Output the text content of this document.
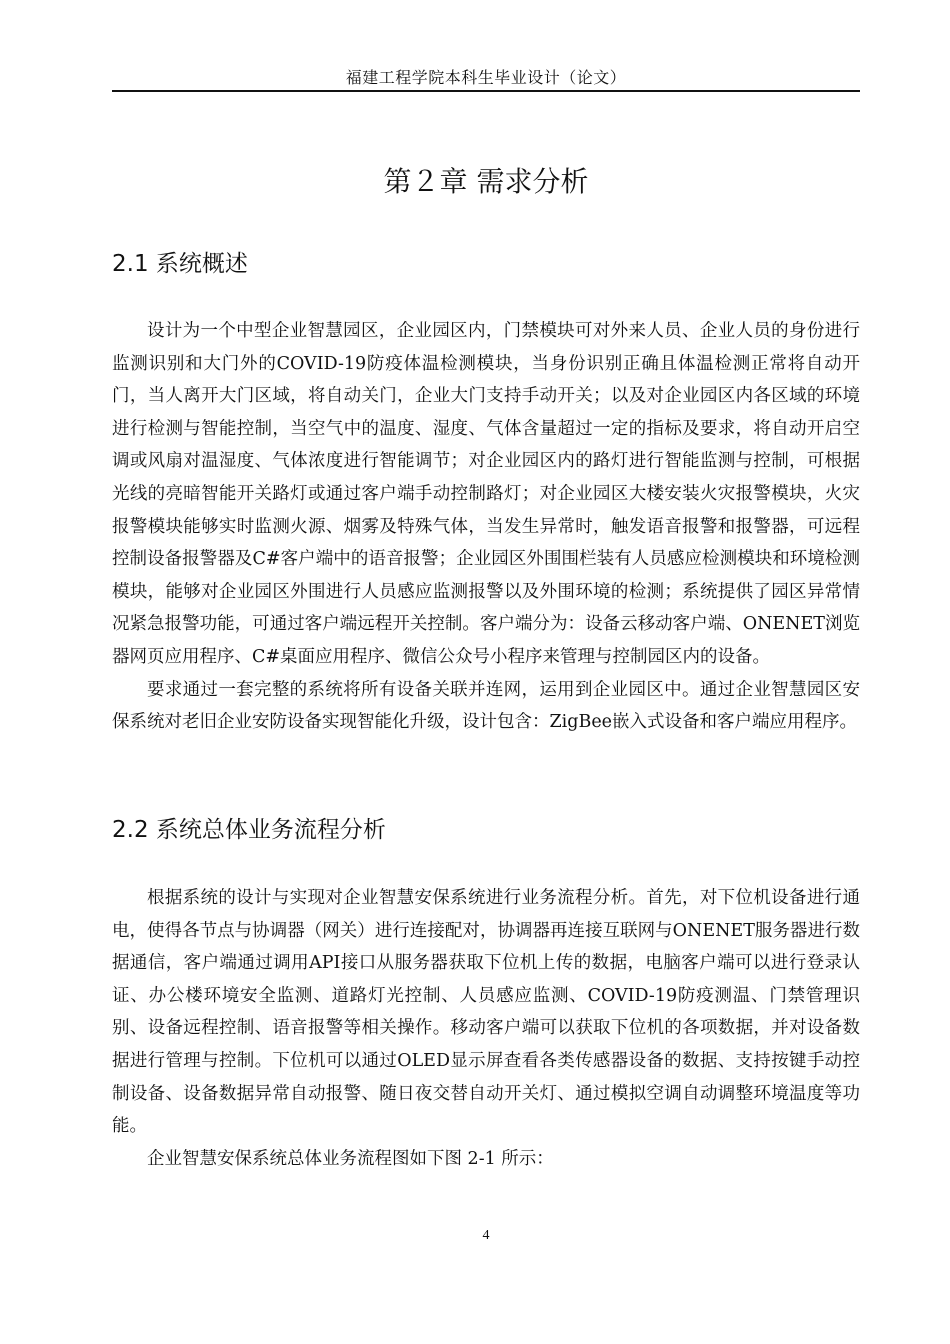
福建工程学院本科生毕业设计（论文）
第２章 需求分析
2.1 系统概述

设计为一个中型企业智慧园区，企业园区内，门禁模块可对外来人员、企业人员的身份进行监测识别和大门外的COVID-19防疫体温检测模块，当身份识别正确且体温检测正常将自动开门，当人离开大门区域，将自动关门，企业大门支持手动开关；以及对企业园区内各区域的环境进行检测与智能控制，当空气中的温度、湿度、气体含量超过一定的指标及要求，将自动开启空调或风扇对温湿度、气体浓度进行智能调节；对企业园区内的路灯进行智能监测与控制，可根据光线的亮暗智能开关路灯或通过客户端手动控制路灯；对企业园区大楼安装火灾报警模块，火灾报警模块能够实时监测火源、烟雾及特殊气体，当发生异常时，触发语音报警和报警器，可远程控制设备报警器及C#客户端中的语音报警；企业园区外围围栏装有人员感应检测模块和环境检测模块，能够对企业园区外围进行人员感应监测报警以及外围环境的检测；系统提供了园区异常情况紧急报警功能，可通过客户端远程开关控制。客户端分为：设备云移动客户端、ONENET浏览器网页应用程序、C#桌面应用程序、微信公众号小程序来管理与控制园区内的设备。

要求通过一套完整的系统将所有设备关联并连网，运用到企业园区中。通过企业智慧园区安保系统对老旧企业安防设备实现智能化升级，设计包含：ZigBee嵌入式设备和客户端应用程序。

2.2 系统总体业务流程分析

根据系统的设计与实现对企业智慧安保系统进行业务流程分析。首先，对下位机设备进行通电，使得各节点与协调器（网关）进行连接配对，协调器再连接互联网与ONENET服务器进行数据通信，客户端通过调用API接口从服务器获取下位机上传的数据，电脑客户端可以进行登录认证、办公楼环境安全监测、道路灯光控制、人员感应监测、COVID-19防疫测温、门禁管理识别、设备远程控制、语音报警等相关操作。移动客户端可以获取下位机的各项数据，并对设备数据进行管理与控制。下位机可以通过OLED显示屏查看各类传感器设备的数据、支持按键手动控制设备、设备数据异常自动报警、随日夜交替自动开关灯、通过模拟空调自动调整环境温度等功能。

企业智慧安保系统总体业务流程图如下图 2-1 所示：

4
